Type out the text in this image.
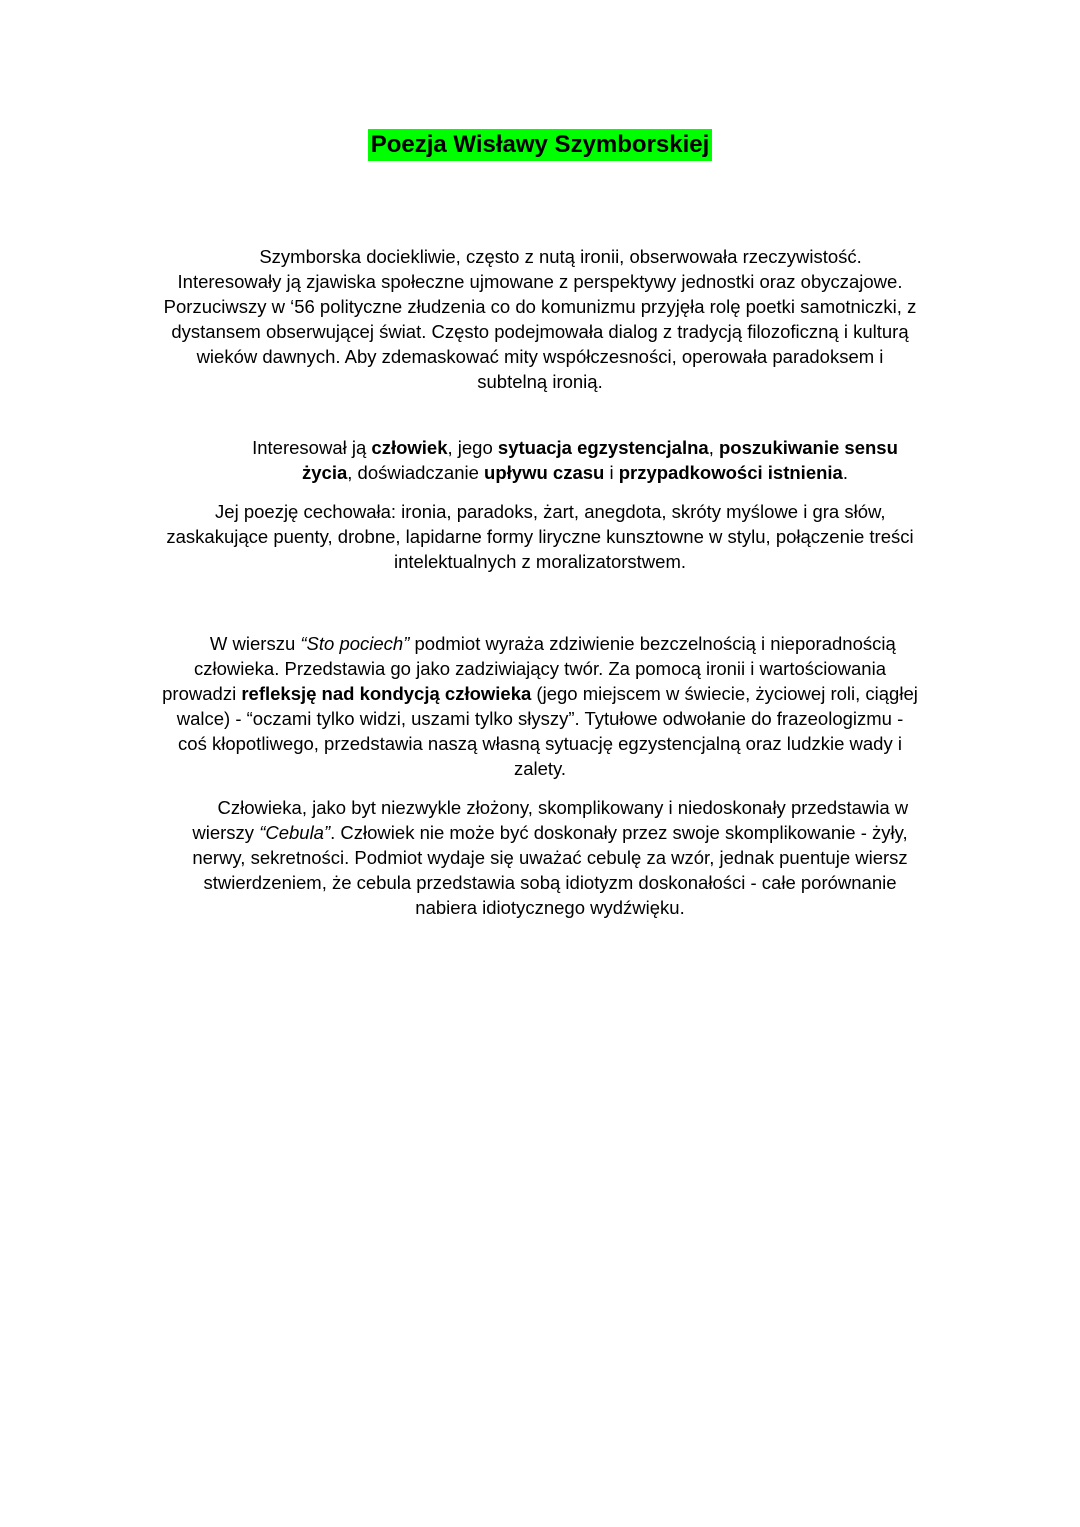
Poezja Wisławy Szymborskiej
Szymborska dociekliwie, często z nutą ironii, obserwowała rzeczywistość.
Interesowały ją zjawiska społeczne ujmowane z perspektywy jednostki oraz obyczajowe.
Porzuciwszy w ‘56 polityczne złudzenia co do komunizmu przyjęła rolę poetki samotniczki, z
dystansem obserwującej świat. Często podejmowała dialog z tradycją filozoficzną i kulturą
wieków dawnych. Aby zdemaskować mity współczesności, operowała paradoksem i
subtelną ironią.
Interesował ją człowiek, jego sytuacja egzystencjalna, poszukiwanie sensu
życia, doświadczanie upływu czasu i przypadkowości istnienia.
Jej poezję cechowała: ironia, paradoks, żart, anegdota, skróty myślowe i gra słów,
zaskakujące puenty, drobne, lapidarne formy liryczne kunsztowne w stylu, połączenie treści
intelektualnych z moralizatorstwem.
W wierszu “Sto pociech” podmiot wyraża zdziwienie bezczelnością i nieporadnością
człowieka. Przedstawia go jako zadziwiający twór. Za pomocą ironii i wartościowania
prowadzi refleksję nad kondycją człowieka (jego miejscem w świecie, życiowej roli, ciągłej
walce) - “oczami tylko widzi, uszami tylko słyszy”. Tytułowe odwołanie do frazeologizmu -
coś kłopotliwego, przedstawia naszą własną sytuację egzystencjalną oraz ludzkie wady i
zalety.
Człowieka, jako byt niezwykle złożony, skomplikowany i niedoskonały przedstawia w
wierszy “Cebula”. Człowiek nie może być doskonały przez swoje skomplikowanie - żyły,
nerwy, sekretności. Podmiot wydaje się uważać cebulę za wzór, jednak puentuje wiersz
stwierdzeniem, że cebula przedstawia sobą idiotyzm doskonałości - całe porównanie
nabiera idiotycznego wydźwięku.
